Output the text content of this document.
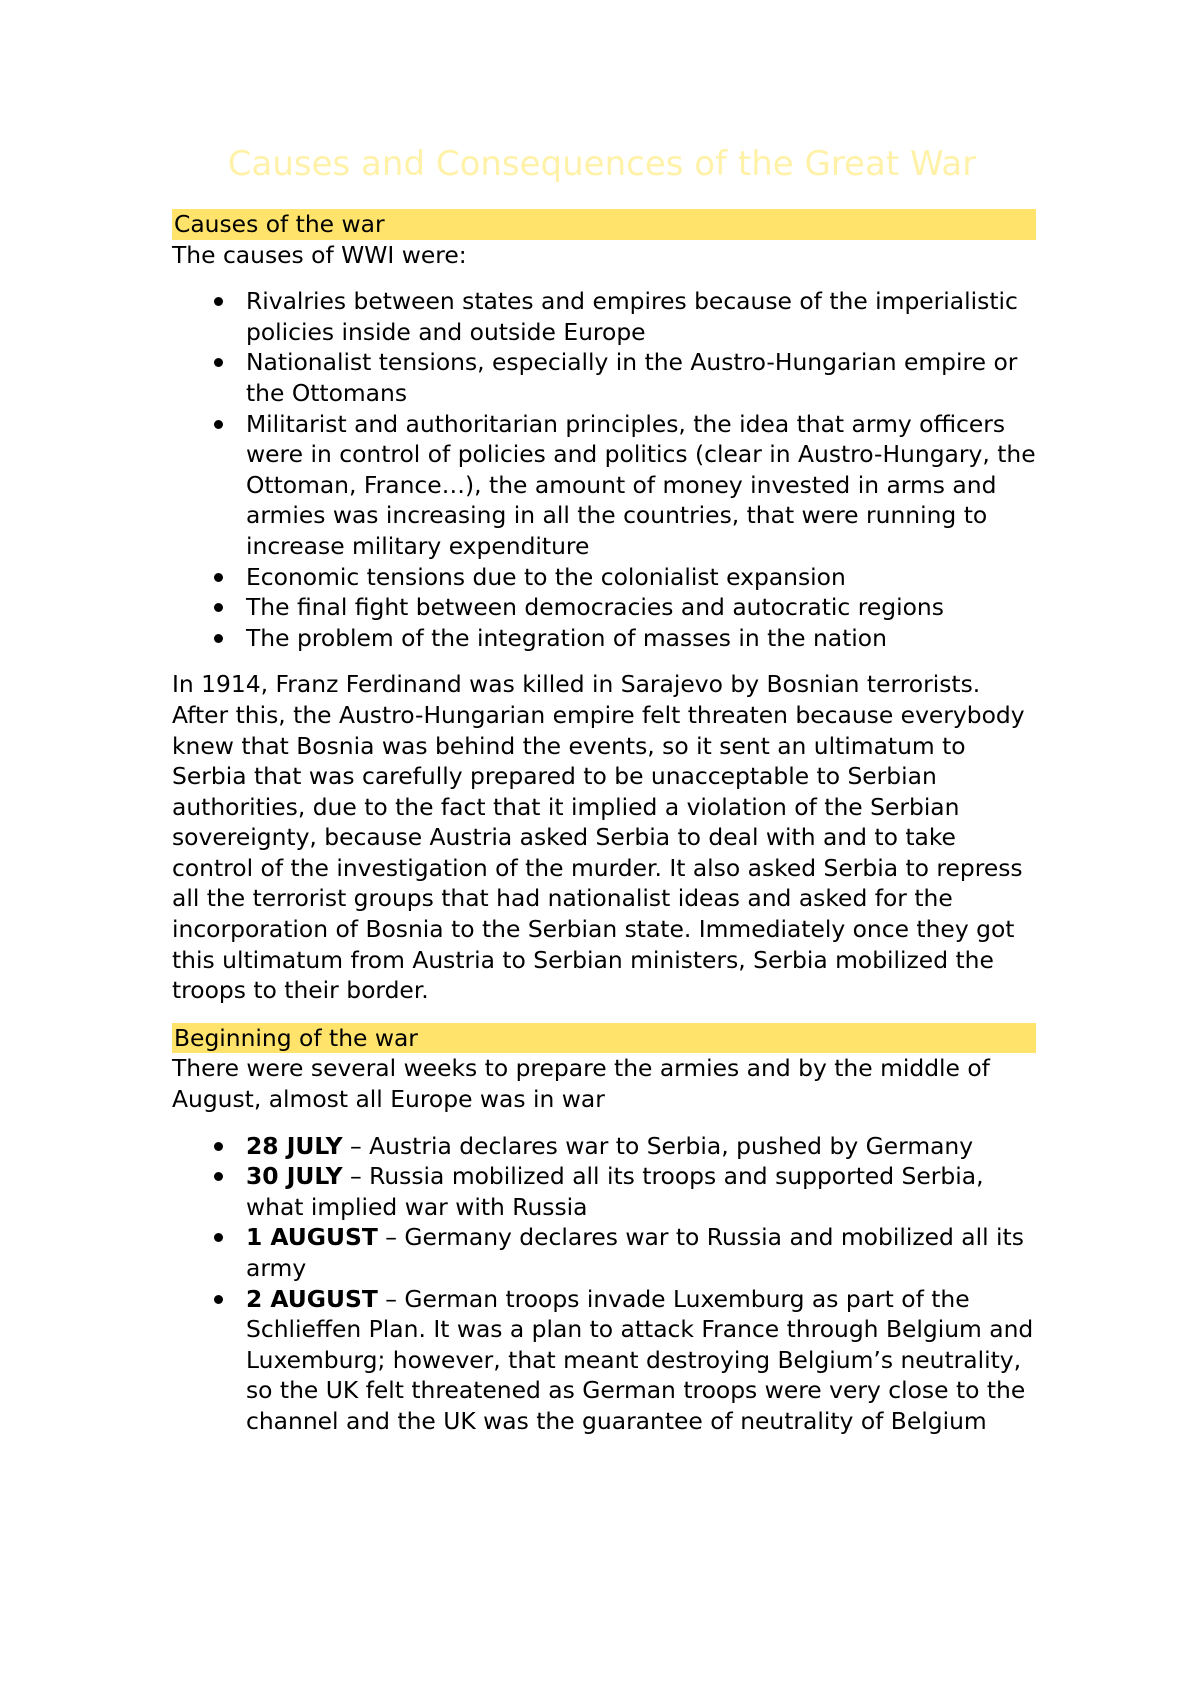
Causes and Consequences of the Great War
Causes of the war

The causes of WWI were:

Rivalries between states and empires because of the imperialistic policies inside and outside Europe
Nationalist tensions, especially in the Austro-Hungarian empire or the Ottomans
Militarist and authoritarian principles, the idea that army officers were in control of policies and politics (clear in Austro-Hungary, the Ottoman, France…), the amount of money invested in arms and armies was increasing in all the countries, that were running to increase military expenditure
Economic tensions due to the colonialist expansion
The final fight between democracies and autocratic regions
The problem of the integration of masses in the nation

In 1914, Franz Ferdinand was killed in Sarajevo by Bosnian terrorists. After this, the Austro-Hungarian empire felt threaten because everybody knew that Bosnia was behind the events, so it sent an ultimatum to Serbia that was carefully prepared to be unacceptable to Serbian authorities, due to the fact that it implied a violation of the Serbian sovereignty, because Austria asked Serbia to deal with and to take control of the investigation of the murder. It also asked Serbia to repress all the terrorist groups that had nationalist ideas and asked for the incorporation of Bosnia to the Serbian state. Immediately once they got this ultimatum from Austria to Serbian ministers, Serbia mobilized the troops to their border.

Beginning of the war

There were several weeks to prepare the armies and by the middle of August, almost all Europe was in war

28 JULY – Austria declares war to Serbia, pushed by Germany
30 JULY – Russia mobilized all its troops and supported Serbia, what implied war with Russia
1 AUGUST – Germany declares war to Russia and mobilized all its army
2 AUGUST – German troops invade Luxemburg as part of the Schlieffen Plan. It was a plan to attack France through Belgium and Luxemburg; however, that meant destroying Belgium’s neutrality, so the UK felt threatened as German troops were very close to the channel and the UK was the guarantee of neutrality of Belgium
